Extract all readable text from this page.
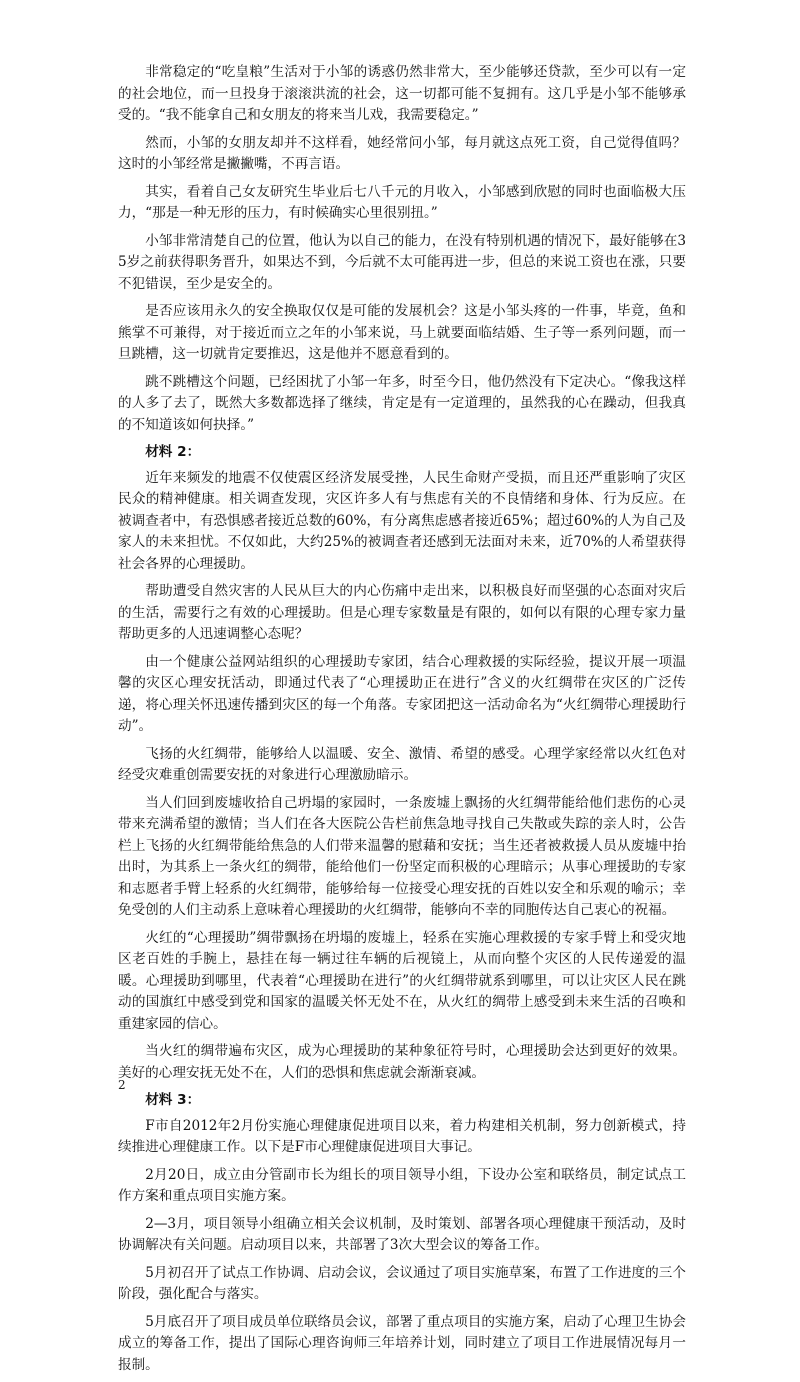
非常稳定的“吃皇粮”生活对于小邹的诱惑仍然非常大，至少能够还贷款，至少可以有一定的社会地位，而一旦投身于滚滚洪流的社会，这一切都可能不复拥有。这几乎是小邹不能够承受的。“我不能拿自己和女朋友的将来当儿戏，我需要稳定。”

然而，小邹的女朋友却并不这样看，她经常问小邹，每月就这点死工资，自己觉得值吗？这时的小邹经常是撇撇嘴，不再言语。

其实，看着自己女友研究生毕业后七八千元的月收入，小邹感到欣慰的同时也面临极大压力，“那是一种无形的压力，有时候确实心里很别扭。”

小邹非常清楚自己的位置，他认为以自己的能力，在没有特别机遇的情况下，最好能够在35岁之前获得职务晋升，如果达不到，今后就不太可能再进一步，但总的来说工资也在涨，只要不犯错误，至少是安全的。

是否应该用永久的安全换取仅仅是可能的发展机会？这是小邹头疼的一件事，毕竟，鱼和熊掌不可兼得，对于接近而立之年的小邹来说，马上就要面临结婚、生子等一系列问题，而一旦跳槽，这一切就肯定要推迟，这是他并不愿意看到的。

跳不跳槽这个问题，已经困扰了小邹一年多，时至今日，他仍然没有下定决心。“像我这样的人多了去了，既然大多数都选择了继续，肯定是有一定道理的，虽然我的心在躁动，但我真的不知道该如何抉择。”

材料 2：

近年来频发的地震不仅使震区经济发展受挫，人民生命财产受损，而且还严重影响了灾区民众的精神健康。相关调查发现，灾区许多人有与焦虑有关的不良情绪和身体、行为反应。在被调查者中，有恐惧感者接近总数的60%，有分离焦虑感者接近65%；超过60%的人为自己及家人的未来担忧。不仅如此，大约25%的被调查者还感到无法面对未来，近70%的人希望获得社会各界的心理援助。

帮助遭受自然灾害的人民从巨大的内心伤痛中走出来，以积极良好而坚强的心态面对灾后的生活，需要行之有效的心理援助。但是心理专家数量是有限的，如何以有限的心理专家力量帮助更多的人迅速调整心态呢？

由一个健康公益网站组织的心理援助专家团，结合心理救援的实际经验，提议开展一项温馨的灾区心理安抚活动，即通过代表了“心理援助正在进行”含义的火红绸带在灾区的广泛传递，将心理关怀迅速传播到灾区的每一个角落。专家团把这一活动命名为“火红绸带心理援助行动”。

飞扬的火红绸带，能够给人以温暖、安全、激情、希望的感受。心理学家经常以火红色对经受灾难重创需要安抚的对象进行心理激励暗示。

当人们回到废墟收拾自己坍塌的家园时，一条废墟上飘扬的火红绸带能给他们悲伤的心灵带来充满希望的激情；当人们在各大医院公告栏前焦急地寻找自己失散或失踪的亲人时，公告栏上飞扬的火红绸带能给焦急的人们带来温馨的慰藉和安抚；当生还者被救援人员从废墟中抬出时，为其系上一条火红的绸带，能给他们一份坚定而积极的心理暗示；从事心理援助的专家和志愿者手臂上轻系的火红绸带，能够给每一位接受心理安抚的百姓以安全和乐观的喻示；幸免受创的人们主动系上意味着心理援助的火红绸带，能够向不幸的同胞传达自己衷心的祝福。

火红的“心理援助”绸带飘扬在坍塌的废墟上，轻系在实施心理救援的专家手臂上和受灾地区老百姓的手腕上，悬挂在每一辆过往车辆的后视镜上，从而向整个灾区的人民传递爱的温暖。心理援助到哪里，代表着“心理援助在进行”的火红绸带就系到哪里，可以让灾区人民在跳动的国旗红中感受到党和国家的温暖关怀无处不在，从火红的绸带上感受到未来生活的召唤和重建家园的信心。

当火红的绸带遍布灾区，成为心理援助的某种象征符号时，心理援助会达到更好的效果。美好的心理安抚无处不在，人们的恐惧和焦虑就会渐渐衰减。

材料 3：

F市自2012年2月份实施心理健康促进项目以来，着力构建相关机制，努力创新模式，持续推进心理健康工作。以下是F市心理健康促进项目大事记。

2月20日，成立由分管副市长为组长的项目领导小组，下设办公室和联络员，制定试点工作方案和重点项目实施方案。

2—3月，项目领导小组确立相关会议机制，及时策划、部署各项心理健康干预活动，及时协调解决有关问题。启动项目以来，共部署了3次大型会议的筹备工作。

5月初召开了试点工作协调、启动会议，会议通过了项目实施草案，布置了工作进度的三个阶段，强化配合与落实。

5月底召开了项目成员单位联络员会议，部署了重点项目的实施方案，启动了心理卫生协会成立的筹备工作，提出了国际心理咨询师三年培养计划，同时建立了项目工作进展情况每月一报制。

2
